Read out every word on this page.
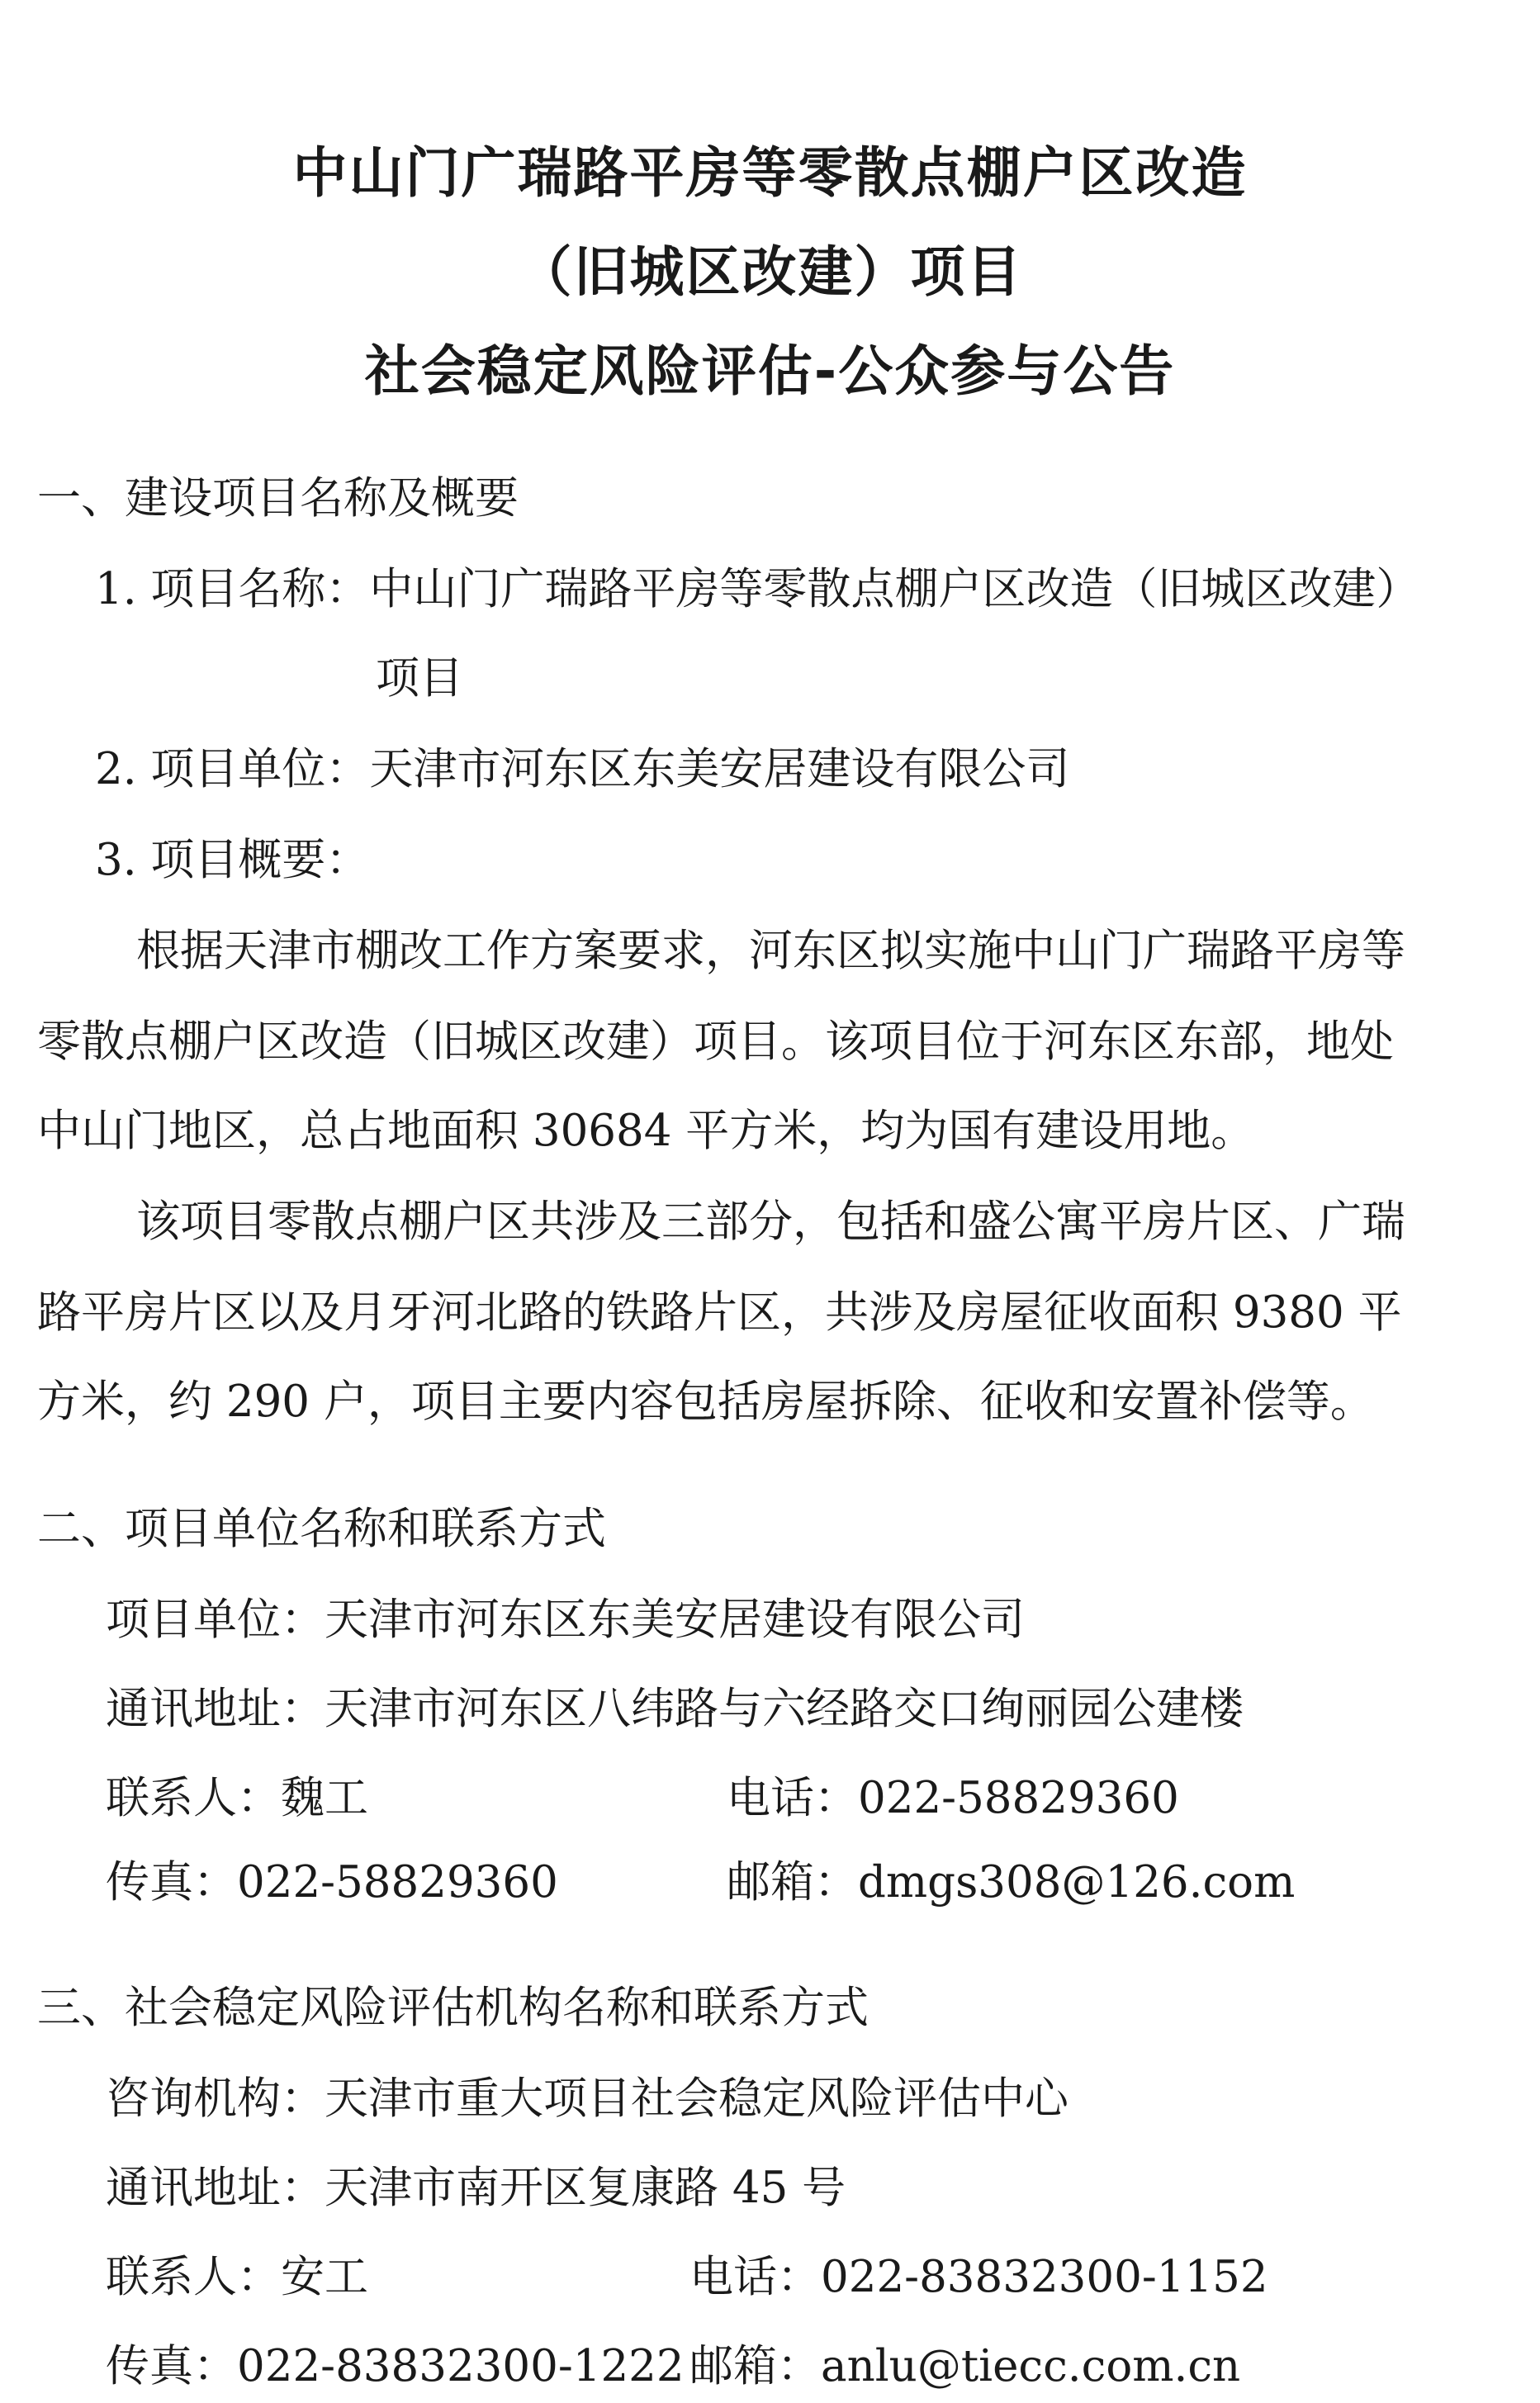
中山门广瑞路平房等零散点棚户区改造
（旧城区改建）项目
社会稳定风险评估-公众参与公告
一、建设项目名称及概要
1. 项目名称：中山门广瑞路平房等零散点棚户区改造（旧城区改建）
项目
2. 项目单位：天津市河东区东美安居建设有限公司
3. 项目概要：
根据天津市棚改工作方案要求，河东区拟实施中山门广瑞路平房等
零散点棚户区改造（旧城区改建）项目。该项目位于河东区东部，地处
中山门地区，总占地面积 30684 平方米，均为国有建设用地。
该项目零散点棚户区共涉及三部分，包括和盛公寓平房片区、广瑞
路平房片区以及月牙河北路的铁路片区，共涉及房屋征收面积 9380 平
方米，约 290 户，项目主要内容包括房屋拆除、征收和安置补偿等。
二、项目单位名称和联系方式
项目单位：天津市河东区东美安居建设有限公司
通讯地址：天津市河东区八纬路与六经路交口绚丽园公建楼
联系人：魏工	电话：022-58829360
传真：022-58829360	邮箱：dmgs308@126.com
三、社会稳定风险评估机构名称和联系方式
咨询机构：天津市重大项目社会稳定风险评估中心
通讯地址：天津市南开区复康路 45 号
联系人：安工	电话：022-83832300-1152
传真：022-83832300-1222 邮箱：anlu@tiecc.com.cn
